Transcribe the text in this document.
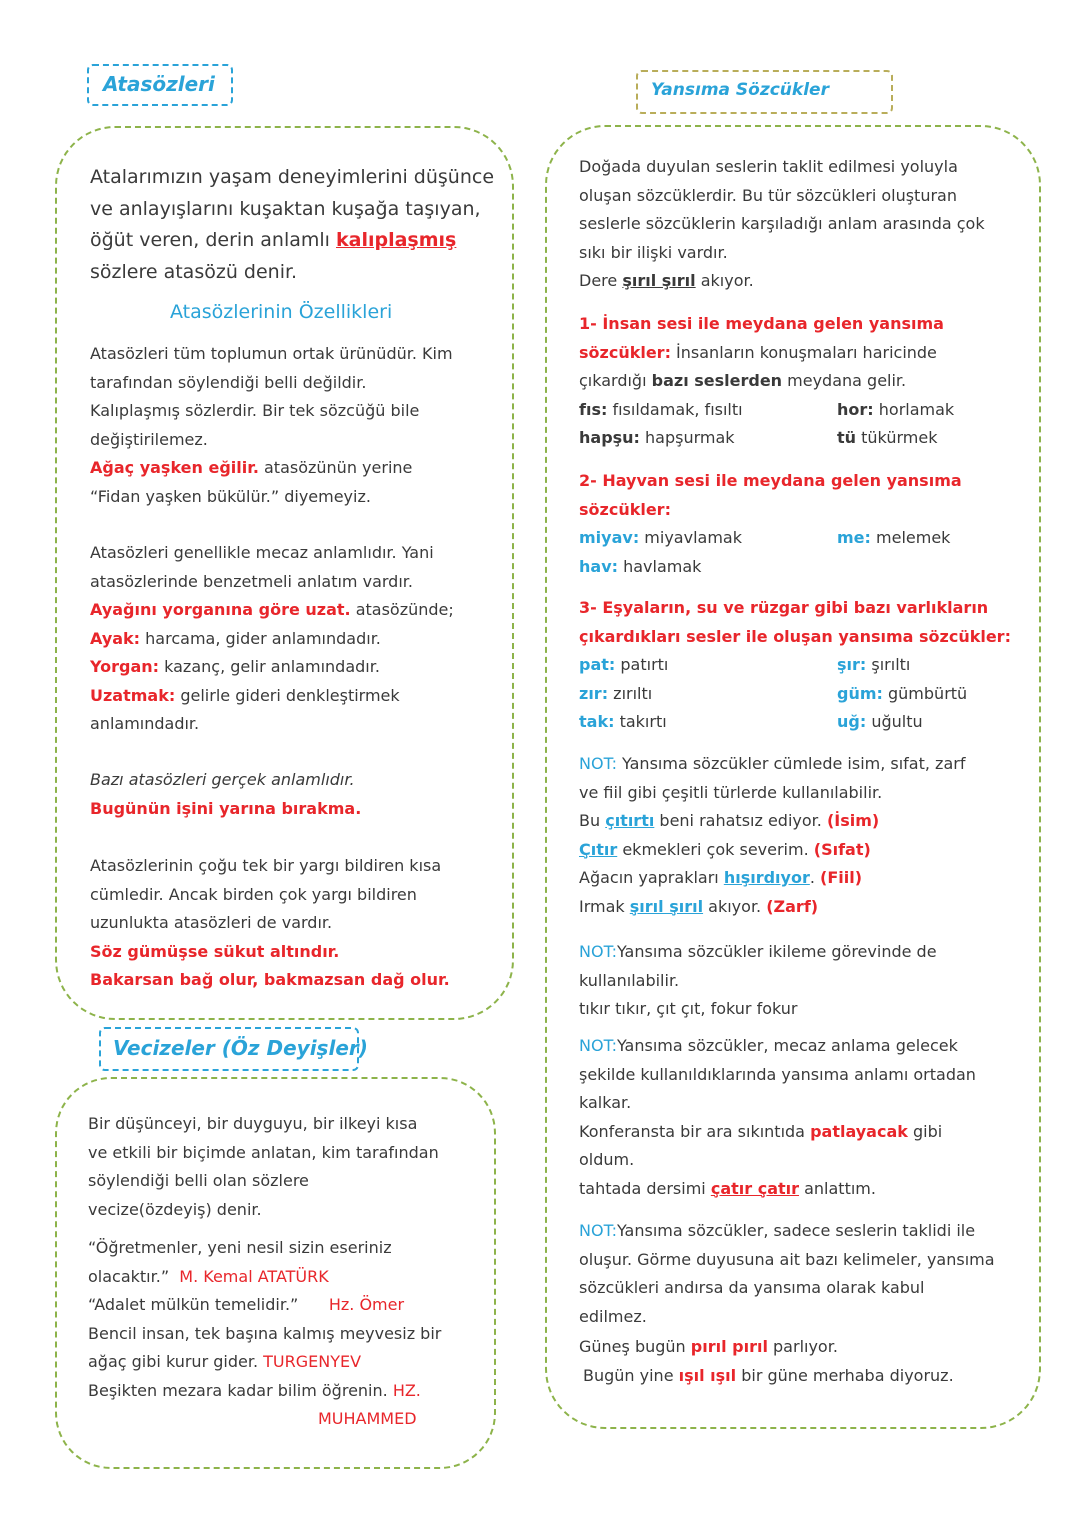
Atasözleri

Atalarımızın yaşam deneyimlerini düşünce

ve anlayışlarını kuşaktan kuşağa taşıyan,

öğüt veren, derin anlamlı kalıplaşmış

sözlere atasözü denir.

Atasözlerinin Özellikleri

Atasözleri tüm toplumun ortak ürünüdür. Kim

tarafından söylendiği belli değildir.

Kalıplaşmış sözlerdir. Bir tek sözcüğü bile

değiştirilemez.

Ağaç yaşken eğilir. atasözünün yerine

“Fidan yaşken bükülür.” diyemeyiz.

Atasözleri genellikle mecaz anlamlıdır. Yani

atasözlerinde benzetmeli anlatım vardır.

Ayağını yorganına göre uzat. atasözünde;

Ayak: harcama, gider anlamındadır.

Yorgan: kazanç, gelir anlamındadır.

Uzatmak: gelirle gideri denkleştirmek

anlamındadır.

Bazı atasözleri gerçek anlamlıdır.

Bugünün işini yarına bırakma.

Atasözlerinin çoğu tek bir yargı bildiren kısa

cümledir. Ancak birden çok yargı bildiren

uzunlukta atasözleri de vardır.

Söz gümüşse sükut altındır.

Bakarsan bağ olur, bakmazsan dağ olur.

Vecizeler (Öz Deyişler)

Bir düşünceyi, bir duyguyu, bir ilkeyi kısa

ve etkili bir biçimde anlatan, kim tarafından

söylendiği belli olan sözlere

vecize(özdeyiş) denir.

“Öğretmenler, yeni nesil sizin eseriniz

olacaktır.” M. Kemal ATATÜRK

“Adalet mülkün temelidir.” Hz. Ömer

Bencil insan, tek başına kalmış meyvesiz bir

ağaç gibi kurur gider. TURGENYEV

Beşikten mezara kadar bilim öğrenin. HZ.

MUHAMMED

Yansıma Sözcükler

Doğada duyulan seslerin taklit edilmesi yoluyla

oluşan sözcüklerdir. Bu tür sözcükleri oluşturan

seslerle sözcüklerin karşıladığı anlam arasında çok

sıkı bir ilişki vardır.

Dere şırıl şırıl akıyor.

1- İnsan sesi ile meydana gelen yansıma

sözcükler: İnsanların konuşmaları haricinde

çıkardığı bazı seslerden meydana gelir.

fıs: fısıldamak, fısıltı	hor: horlamak
hapşu: hapşurmak	tü tükürmek

2- Hayvan sesi ile meydana gelen yansıma

sözcükler:

miyav: miyavlamak	me: melemek
hav: havlamak

3- Eşyaların, su ve rüzgar gibi bazı varlıkların

çıkardıkları sesler ile oluşan yansıma sözcükler:

pat: patırtı	şır: şırıltı
zır: zırıltı	güm: gümbürtü
tak: takırtı	uğ: uğultu

NOT: Yansıma sözcükler cümlede isim, sıfat, zarf

ve fiil gibi çeşitli türlerde kullanılabilir.

Bu çıtırtı beni rahatsız ediyor. (İsim)

Çıtır ekmekleri çok severim. (Sıfat)

Ağacın yaprakları hışırdıyor. (Fiil)

Irmak şırıl şırıl akıyor. (Zarf)

NOT:Yansıma sözcükler ikileme görevinde de

kullanılabilir.

tıkır tıkır, çıt çıt, fokur fokur

NOT:Yansıma sözcükler, mecaz anlama gelecek

şekilde kullanıldıklarında yansıma anlamı ortadan

kalkar.

Konferansta bir ara sıkıntıda patlayacak gibi

oldum.

tahtada dersimi çatır çatır anlattım.

NOT:Yansıma sözcükler, sadece seslerin taklidi ile

oluşur. Görme duyusuna ait bazı kelimeler, yansıma

sözcükleri andırsa da yansıma olarak kabul

edilmez.

Güneş bugün pırıl pırıl parlıyor.

Bugün yine ışıl ışıl bir güne merhaba diyoruz.
